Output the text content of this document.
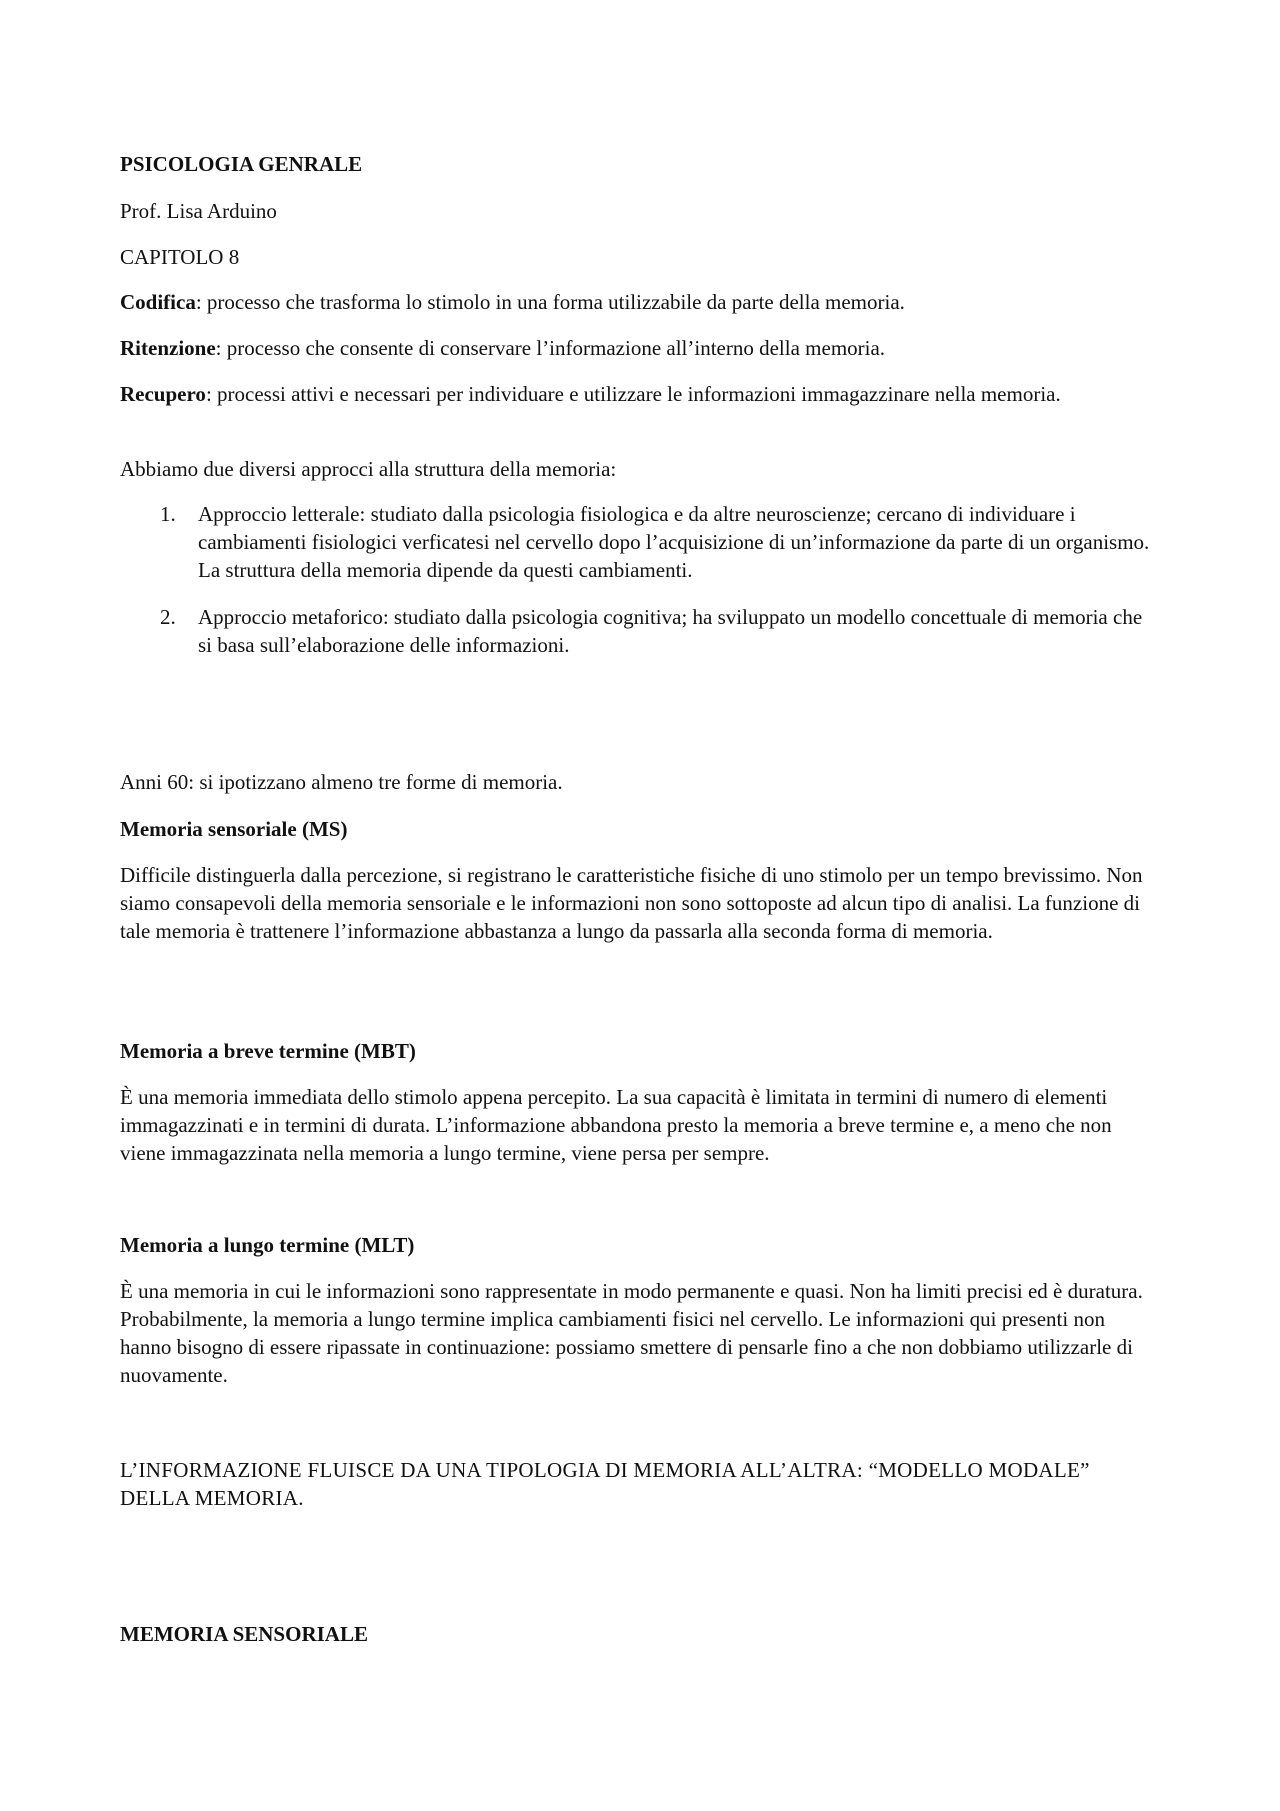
PSICOLOGIA GENRALE

Prof. Lisa Arduino

CAPITOLO 8

Codifica: processo che trasforma lo stimolo in una forma utilizzabile da parte della memoria.

Ritenzione: processo che consente di conservare l’informazione all’interno della memoria.

Recupero: processi attivi e necessari per individuare e utilizzare le informazioni immagazzinare nella memoria.

Abbiamo due diversi approcci alla struttura della memoria:

1.	Approccio letterale: studiato dalla psicologia fisiologica e da altre neuroscienze; cercano di individuare i cambiamenti fisiologici verficatesi nel cervello dopo l’acquisizione di un’informazione da parte di un organismo. La struttura della memoria dipende da questi cambiamenti.
2.	Approccio metaforico: studiato dalla psicologia cognitiva; ha sviluppato un modello concettuale di memoria che si basa sull’elaborazione delle informazioni.

Anni 60: si ipotizzano almeno tre forme di memoria.

Memoria sensoriale (MS)

Difficile distinguerla dalla percezione, si registrano le caratteristiche fisiche di uno stimolo per un tempo brevissimo. Non siamo consapevoli della memoria sensoriale e le informazioni non sono sottoposte ad alcun tipo di analisi. La funzione di tale memoria è trattenere l’informazione abbastanza a lungo da passarla alla seconda forma di memoria.

Memoria a breve termine (MBT)

È una memoria immediata dello stimolo appena percepito. La sua capacità è limitata in termini di numero di elementi immagazzinati e in termini di durata. L’informazione abbandona presto la memoria a breve termine e, a meno che non viene immagazzinata nella memoria a lungo termine, viene persa per sempre.

Memoria a lungo termine (MLT)

È una memoria in cui le informazioni sono rappresentate in modo permanente e quasi. Non ha limiti precisi ed è duratura. Probabilmente, la memoria a lungo termine implica cambiamenti fisici nel cervello. Le informazioni qui presenti non hanno bisogno di essere ripassate in continuazione: possiamo smettere di pensarle fino a che non dobbiamo utilizzarle di nuovamente.

L’INFORMAZIONE FLUISCE DA UNA TIPOLOGIA DI MEMORIA ALL’ALTRA: “MODELLO MODALE” DELLA MEMORIA.

MEMORIA SENSORIALE
